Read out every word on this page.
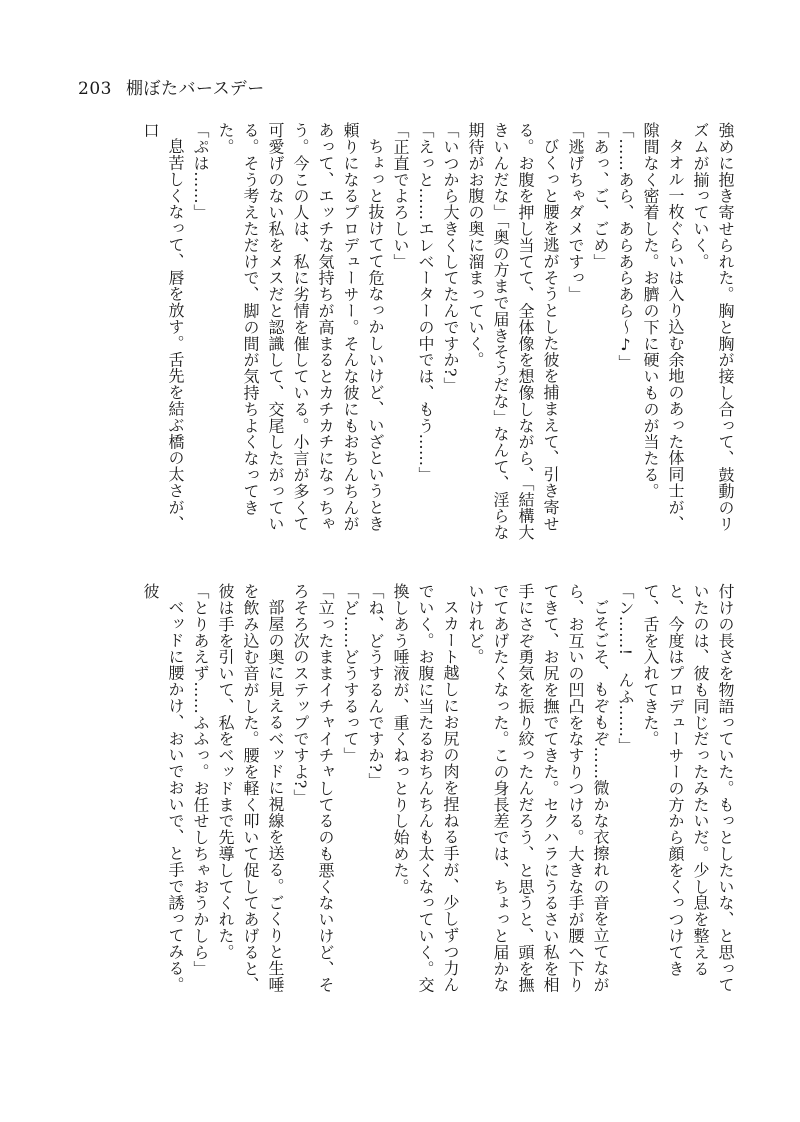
203 棚ぼたバースデー

強めに抱き寄せられた。胸と胸が接し合って、鼓動のリズムが揃っていく。

タオル一枚ぐらいは入り込む余地のあった体同士が、隙間なく密着した。お臍の下に硬いものが当たる。

「……あら、あらあらあら～♪」

「あっ、ご、ごめ」

「逃げちゃダメですっ」

びくっと腰を逃がそうとした彼を捕まえて、引き寄せる。お腹を押し当てて、全体像を想像しながら、「結構大きいんだな」「奥の方まで届きそうだな」なんて、淫らな期待がお腹の奥に溜まっていく。

「いつから大きくしてたんですか?」

「えっと……エレベーターの中では、もう……」

「正直でよろしい」

ちょっと抜けてて危なっかしいけど、いざというとき頼りになるプロデューサー。そんな彼にもおちんちんがあって、エッチな気持ちが高まるとカチカチになっちゃう。今この人は、私に劣情を催している。小言が多くて可愛げのない私をメスだと認識して、交尾したがっている。そう考えただけで、脚の間が気持ちよくなってきた。

「ぷは……」

息苦しくなって、唇を放す。舌先を結ぶ橋の太さが、口

付けの長さを物語っていた。もっとしたいな、と思っていたのは、彼も同じだったみたいだ。少し息を整えると、今度はプロデューサーの方から顔をくっつけてきて、舌を入れてきた。

「ン……!　んふ……」

ごそごそ、もぞもぞ……微かな衣擦れの音を立てながら、お互いの凹凸をなすりつける。大きな手が腰へ下りてきて、お尻を撫でてきた。セクハラにうるさい私を相手にさぞ勇気を振り絞ったんだろう、と思うと、頭を撫でてあげたくなった。この身長差では、ちょっと届かないけれど。

スカート越しにお尻の肉を捏ねる手が、少しずつ力んでいく。お腹に当たるおちんちんも太くなっていく。交換しあう唾液が、重くねっとりし始めた。

「ね、どうするんですか?」

「ど……どうするって」

「立ったままイチャイチャしてるのも悪くないけど、そろそろ次のステップですよ?」

部屋の奥に見えるベッドに視線を送る。ごくりと生唾を飲み込む音がした。腰を軽く叩いて促してあげると、彼は手を引いて、私をベッドまで先導してくれた。

「とりあえず……ふふっ。お任せしちゃおうかしら」

ベッドに腰かけ、おいでおいで、と手で誘ってみる。彼
